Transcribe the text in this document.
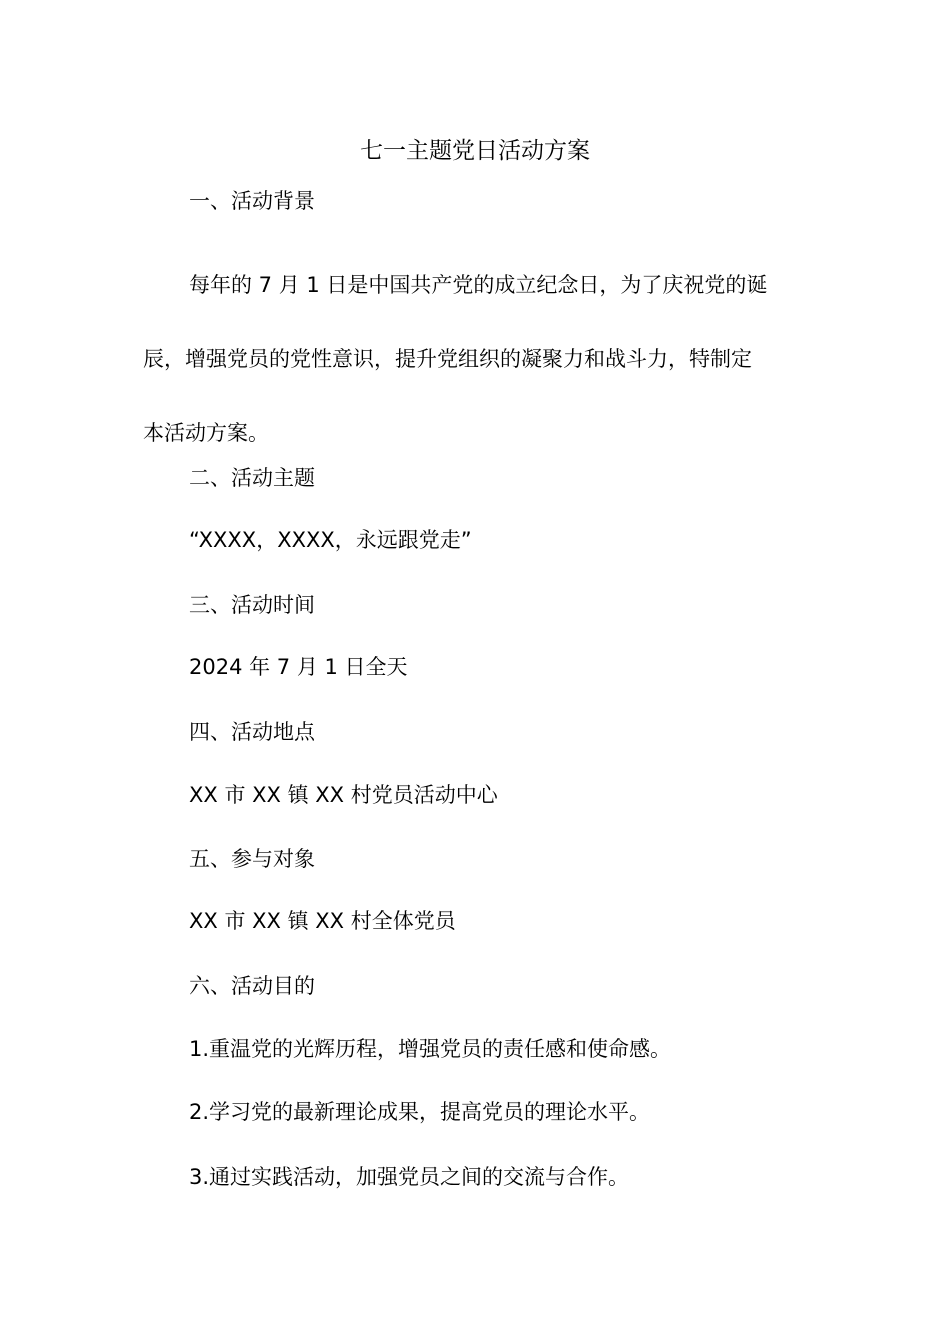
七一主题党日活动方案
一、活动背景
每年的 7 月 1 日是中国共产党的成立纪念日，为了庆祝党的诞
辰，增强党员的党性意识，提升党组织的凝聚力和战斗力，特制定
本活动方案。
二、活动主题
“XXXX，XXXX，永远跟党走”
三、活动时间
2024 年 7 月 1 日全天
四、活动地点
XX 市 XX 镇 XX 村党员活动中心
五、参与对象
XX 市 XX 镇 XX 村全体党员
六、活动目的
1.重温党的光辉历程，增强党员的责任感和使命感。
2.学习党的最新理论成果，提高党员的理论水平。
3.通过实践活动，加强党员之间的交流与合作。
